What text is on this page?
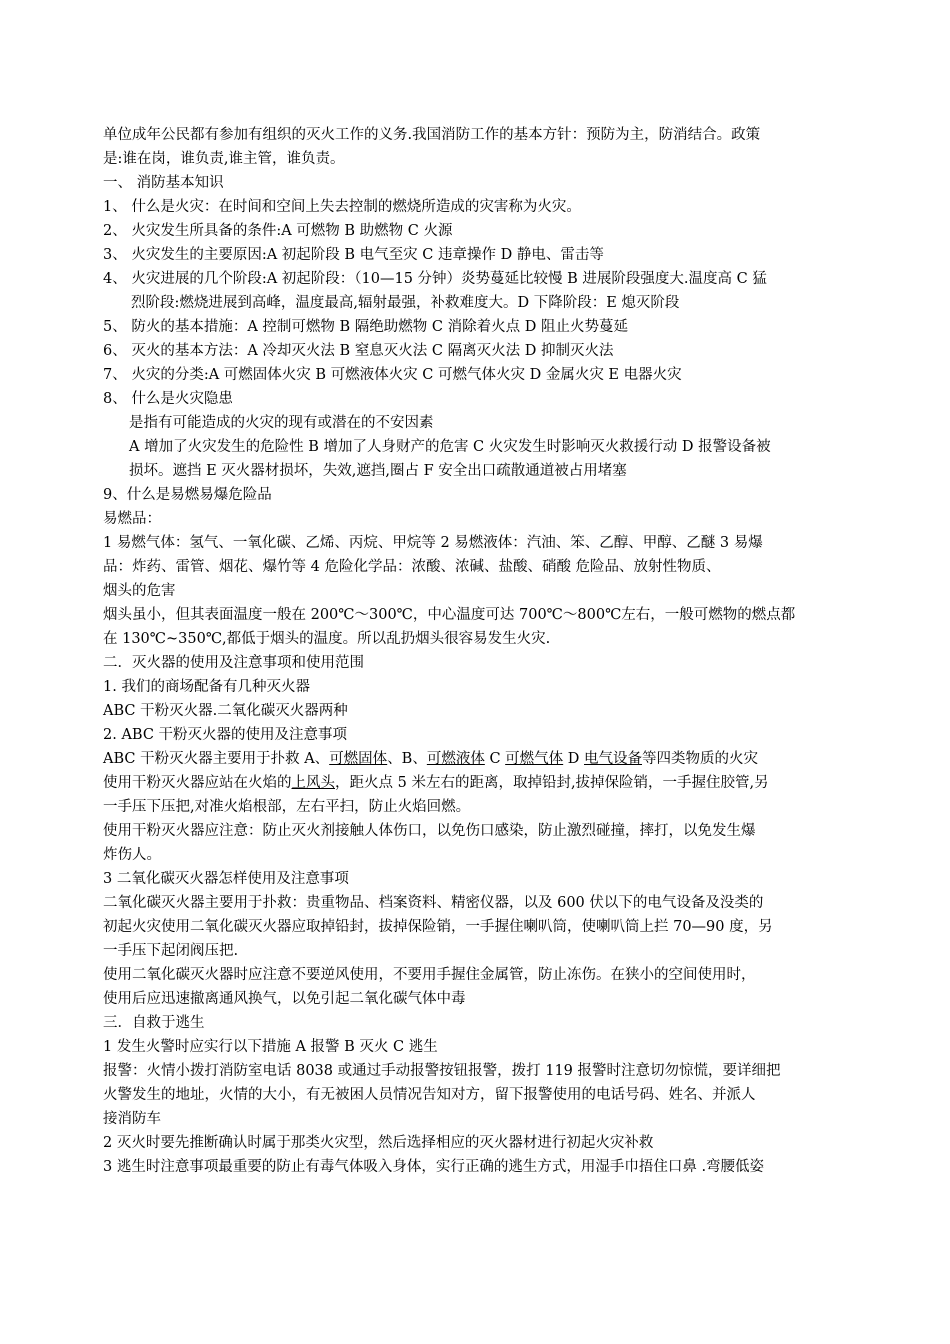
单位成年公民都有参加有组织的灭火工作的义务.我国消防工作的基本方针：预防为主，防消结合。政策
是:谁在岗，谁负责,谁主管，谁负责。
一、 消防基本知识
1、 什么是火灾：在时间和空间上失去控制的燃烧所造成的灾害称为火灾。
2、 火灾发生所具备的条件:A 可燃物 B 助燃物 C 火源
3、 火灾发生的主要原因:A 初起阶段 B 电气至灾 C 违章操作 D 静电、雷击等
4、 火灾进展的几个阶段:A 初起阶段：（10—15 分钟）炎势蔓延比较慢 B 进展阶段强度大.温度高 C 猛
烈阶段:燃烧进展到高峰，温度最高,辐射最强，补救难度大。D 下降阶段：E 熄灭阶段
5、 防火的基本措施：A 控制可燃物 B 隔绝助燃物 C 消除着火点 D 阻止火势蔓延
6、 灭火的基本方法：A 冷却灭火法 B 窒息灭火法 C 隔离灭火法 D 抑制灭火法
7、 火灾的分类:A 可燃固体火灾 B 可燃液体火灾 C 可燃气体火灾 D 金属火灾 E 电器火灾
8、 什么是火灾隐患
是指有可能造成的火灾的现有或潜在的不安因素
A 增加了火灾发生的危险性 B 增加了人身财产的危害 C 火灾发生时影响灭火救援行动 D 报警设备被
损坏。遮挡 E 灭火器材损坏，失效,遮挡,圈占 F 安全出口疏散通道被占用堵塞
9、什么是易燃易爆危险品
易燃品：
1 易燃气体：氢气、一氧化碳、乙烯、丙烷、甲烷等 2 易燃液体：汽油、笨、乙醇、甲醇、乙醚 3 易爆
品：炸药、雷管、烟花、爆竹等 4 危险化学品：浓酸、浓碱、盐酸、硝酸 危险品、放射性物质、
烟头的危害
烟头虽小，但其表面温度一般在 200℃～300℃，中心温度可达 700℃～800℃左右，一般可燃物的燃点都
在 130℃~350℃,都低于烟头的温度。所以乱扔烟头很容易发生火灾.
二．灭火器的使用及注意事项和使用范围
1. 我们的商场配备有几种灭火器
ABC 干粉灭火器.二氧化碳灭火器两种
2. ABC 干粉灭火器的使用及注意事项
ABC 干粉灭火器主要用于扑救 A、可燃固体、B、可燃液体 C 可燃气体 D 电气设备等四类物质的火灾
使用干粉灭火器应站在火焰的上风头，距火点 5 米左右的距离，取掉铅封,拔掉保险销，一手握住胶管,另
一手压下压把,对准火焰根部，左右平扫，防止火焰回燃。
使用干粉灭火器应注意：防止灭火剂接触人体伤口，以免伤口感染，防止激烈碰撞，摔打，以免发生爆
炸伤人。
3 二氧化碳灭火器怎样使用及注意事项
二氧化碳灭火器主要用于扑救：贵重物品、档案资料、精密仪器，以及 600 伏以下的电气设备及没类的
初起火灾使用二氧化碳灭火器应取掉铅封，拔掉保险销，一手握住喇叭筒，使喇叭筒上拦 70—90 度，另
一手压下起闭阀压把.
使用二氧化碳灭火器时应注意不要逆风使用，不要用手握住金属管，防止冻伤。在狭小的空间使用时，
使用后应迅速撤离通风换气，以免引起二氧化碳气体中毒
三．自救于逃生
1 发生火警时应实行以下措施 A 报警 B 灭火 C 逃生
报警：火情小拨打消防室电话 8038 或通过手动报警按钮报警，拨打 119 报警时注意切勿惊慌，要详细把
火警发生的地址，火情的大小，有无被困人员情况告知对方，留下报警使用的电话号码、姓名、并派人
接消防车
2 灭火时要先推断确认时属于那类火灾型，然后选择相应的灭火器材进行初起火灾补救
3 逃生时注意事项最重要的防止有毒气体吸入身体，实行正确的逃生方式，用湿手巾捂住口鼻 .弯腰低姿
